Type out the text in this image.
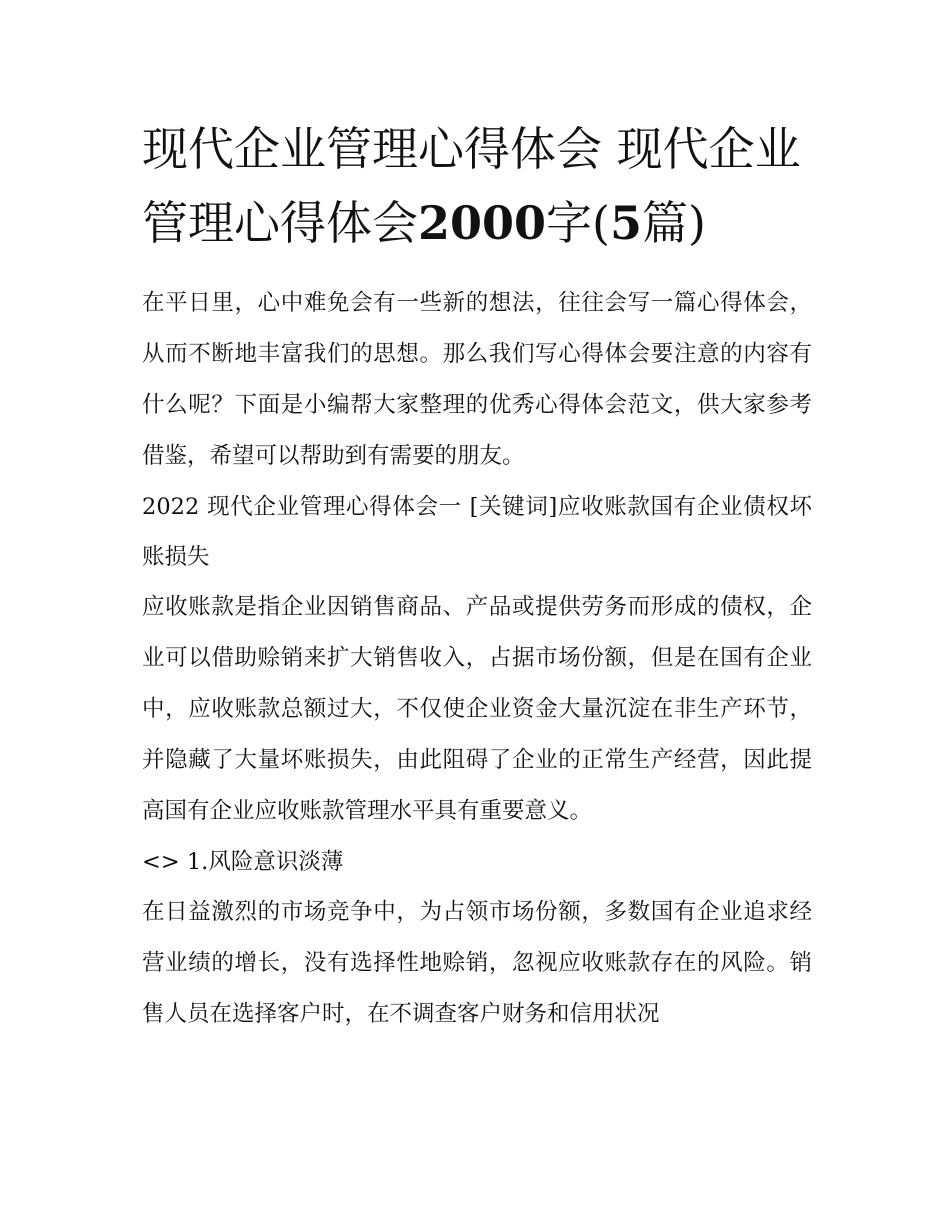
现代企业管理心得体会 现代企业管理心得体会2000字(5篇)

在平日里，心中难免会有一些新的想法，往往会写一篇心得体会，从而不断地丰富我们的思想。那么我们写心得体会要注意的内容有什么呢？下面是小编帮大家整理的优秀心得体会范文，供大家参考借鉴，希望可以帮助到有需要的朋友。

2022 现代企业管理心得体会一 [关键词]应收账款国有企业债权坏账损失

应收账款是指企业因销售商品、产品或提供劳务而形成的债权，企业可以借助赊销来扩大销售收入，占据市场份额，但是在国有企业中，应收账款总额过大，不仅使企业资金大量沉淀在非生产环节，并隐藏了大量坏账损失，由此阻碍了企业的正常生产经营，因此提高国有企业应收账款管理水平具有重要意义。

<> 1.风险意识淡薄

在日益激烈的市场竞争中，为占领市场份额，多数国有企业追求经营业绩的增长，没有选择性地赊销，忽视应收账款存在的风险。销售人员在选择客户时，在不调查客户财务和信用状况
